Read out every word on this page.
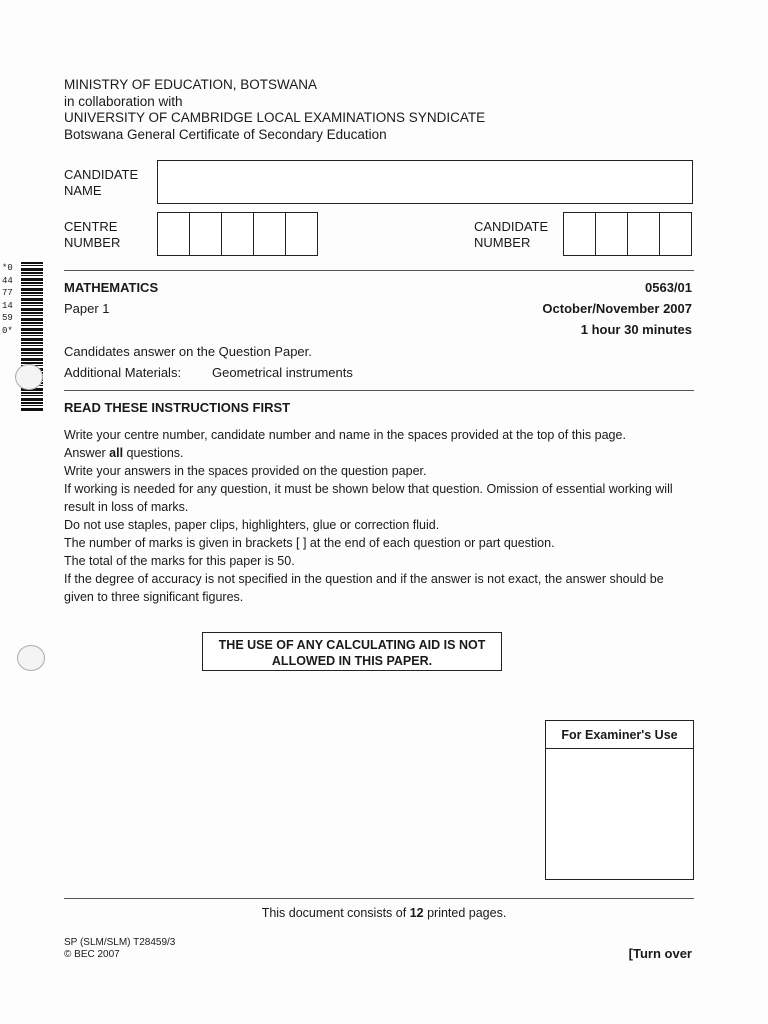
MINISTRY OF EDUCATION, BOTSWANA
in collaboration with
UNIVERSITY OF CAMBRIDGE LOCAL EXAMINATIONS SYNDICATE
Botswana General Certificate of Secondary Education
CANDIDATE
NAME
CENTRE
NUMBER
CANDIDATE
NUMBER
*0447714590*
MATHEMATICS
Paper 1
0563/01
October/November 2007
1 hour 30 minutes
Candidates answer on the Question Paper.
Additional Materials: Geometrical instruments
READ THESE INSTRUCTIONS FIRST

Write your centre number, candidate number and name in the spaces provided at the top of this page.

Answer all questions.

Write your answers in the spaces provided on the question paper.

If working is needed for any question, it must be shown below that question. Omission of essential working will result in loss of marks.

Do not use staples, paper clips, highlighters, glue or correction fluid.

The number of marks is given in brackets [ ] at the end of each question or part question.

The total of the marks for this paper is 50.

If the degree of accuracy is not specified in the question and if the answer is not exact, the answer should be given to three significant figures.

THE USE OF ANY CALCULATING AID IS NOT
ALLOWED IN THIS PAPER.
For Examiner's Use
This document consists of 12 printed pages.
SP (SLM/SLM) T28459/3
© BEC 2007	[Turn over
